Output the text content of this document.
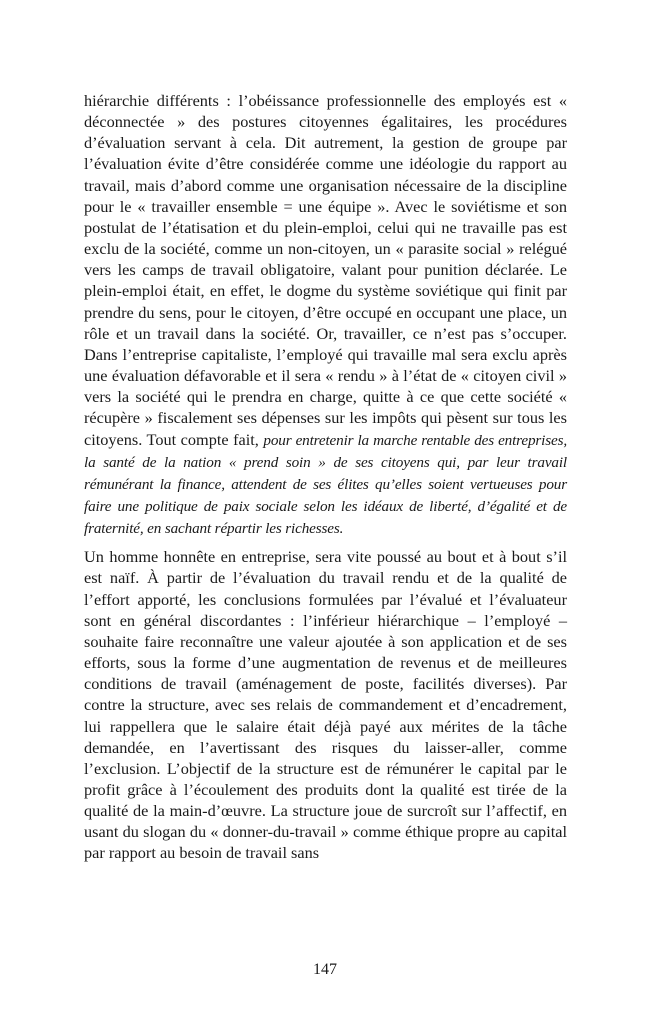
hiérarchie différents : l’obéissance professionnelle des employés est « déconnectée » des postures citoyennes égalitaires, les procédures d’évaluation servant à cela. Dit autrement, la gestion de groupe par l’évaluation évite d’être considérée comme une idéologie du rapport au travail, mais d’abord comme une organisation nécessaire de la discipline pour le « travailler ensemble = une équipe ». Avec le soviétisme et son postulat de l’étatisation et du plein-emploi, celui qui ne travaille pas est exclu de la société, comme un non-citoyen, un « parasite social » relégué vers les camps de travail obligatoire, valant pour punition déclarée. Le plein-emploi était, en effet, le dogme du système soviétique qui finit par prendre du sens, pour le citoyen, d’être occupé en occupant une place, un rôle et un travail dans la société. Or, travailler, ce n’est pas s’occuper. Dans l’entreprise capitaliste, l’employé qui travaille mal sera exclu après une évaluation défavorable et il sera « rendu » à l’état de « citoyen civil » vers la société qui le prendra en charge, quitte à ce que cette société « récupère » fiscalement ses dépenses sur les impôts qui pèsent sur tous les citoyens. Tout compte fait, pour entretenir la marche rentable des entreprises, la santé de la nation « prend soin » de ses citoyens qui, par leur travail rémunérant la finance, attendent de ses élites qu’elles soient vertueuses pour faire une politique de paix sociale selon les idéaux de liberté, d’égalité et de fraternité, en sachant répartir les richesses.

Un homme honnête en entreprise, sera vite poussé au bout et à bout s’il est naïf. À partir de l’évaluation du travail rendu et de la qualité de l’effort apporté, les conclusions formulées par l’évalué et l’évaluateur sont en général discordantes : l’inférieur hiérarchique – l’employé – souhaite faire reconnaître une valeur ajoutée à son application et de ses efforts, sous la forme d’une augmentation de revenus et de meilleures conditions de travail (aménagement de poste, facilités diverses). Par contre la structure, avec ses relais de commandement et d’encadrement, lui rappellera que le salaire était déjà payé aux mérites de la tâche demandée, en l’avertissant des risques du laisser-aller, comme l’exclusion. L’objectif de la structure est de rémunérer le capital par le profit grâce à l’écoulement des produits dont la qualité est tirée de la qualité de la main-d’œuvre. La structure joue de surcroît sur l’affectif, en usant du slogan du « donner-du-travail » comme éthique propre au capital par rapport au besoin de travail sans

147
